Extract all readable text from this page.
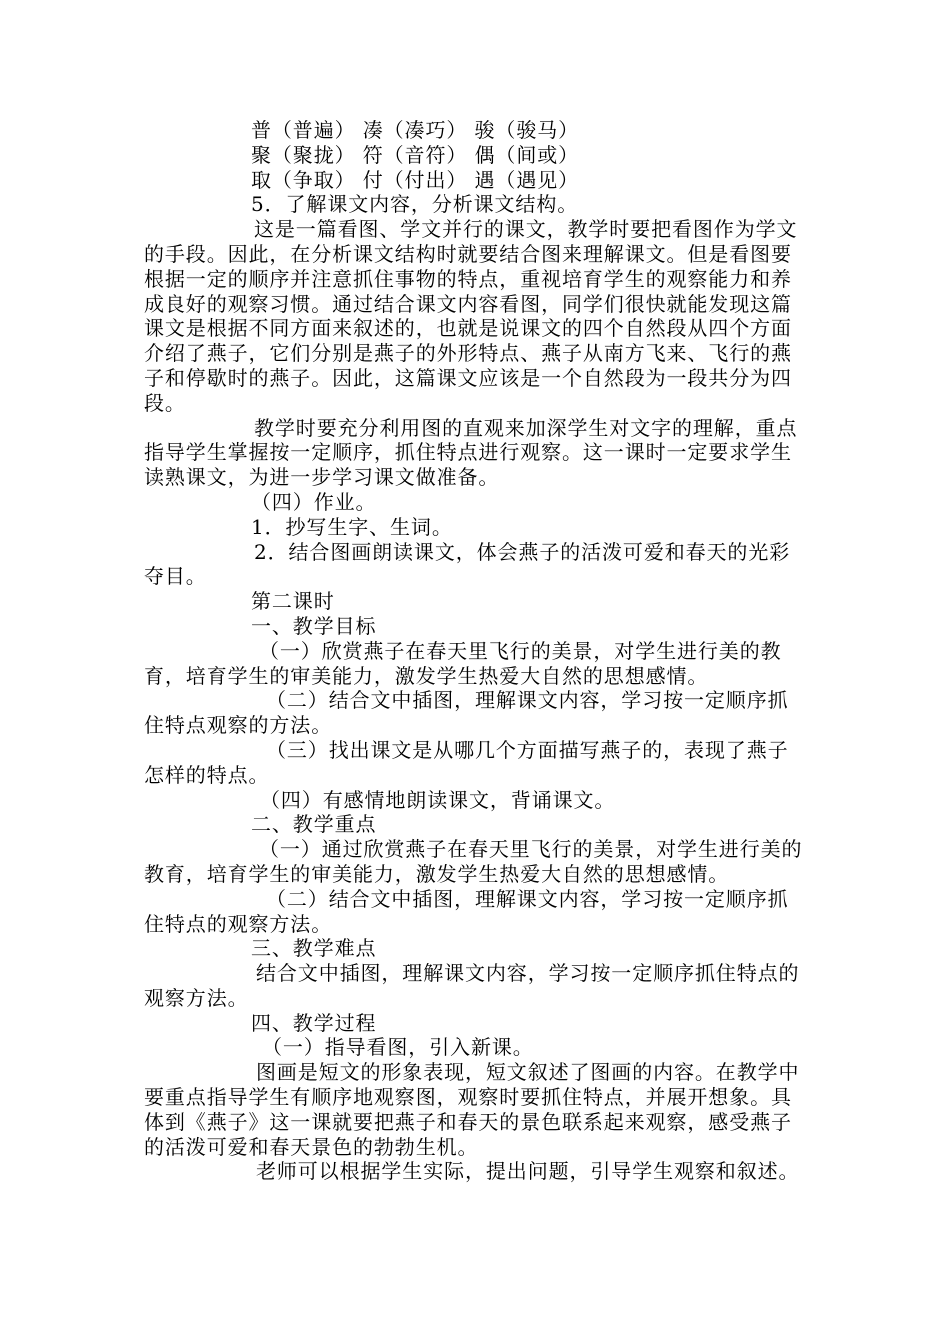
普（普遍） 凑（凑巧） 骏（骏马）

聚（聚拢） 符（音符） 偶（间或）

取（争取） 付（付出） 遇（遇见）

5．了解课文内容，分析课文结构。

这是一篇看图、学文并行的课文，教学时要把看图作为学文的手段。因此，在分析课文结构时就要结合图来理解课文。但是看图要根据一定的顺序并注意抓住事物的特点，重视培育学生的观察能力和养成良好的观察习惯。通过结合课文内容看图，同学们很快就能发现这篇课文是根据不同方面来叙述的，也就是说课文的四个自然段从四个方面介绍了燕子，它们分别是燕子的外形特点、燕子从南方飞来、飞行的燕子和停歇时的燕子。因此，这篇课文应该是一个自然段为一段共分为四段。

教学时要充分利用图的直观来加深学生对文字的理解，重点指导学生掌握按一定顺序，抓住特点进行观察。这一课时一定要求学生读熟课文，为进一步学习课文做准备。

（四）作业。

1．抄写生字、生词。

2．结合图画朗读课文，体会燕子的活泼可爱和春天的光彩夺目。

第二课时

一、教学目标

（一）欣赏燕子在春天里飞行的美景，对学生进行美的教育，培育学生的审美能力，激发学生热爱大自然的思想感情。

（二）结合文中插图，理解课文内容，学习按一定顺序抓住特点观察的方法。

（三）找出课文是从哪几个方面描写燕子的，表现了燕子怎样的特点。

（四）有感情地朗读课文，背诵课文。

二、教学重点

（一）通过欣赏燕子在春天里飞行的美景，对学生进行美的教育，培育学生的审美能力，激发学生热爱大自然的思想感情。

（二）结合文中插图，理解课文内容，学习按一定顺序抓住特点的观察方法。

三、教学难点

结合文中插图，理解课文内容，学习按一定顺序抓住特点的观察方法。

四、教学过程

（一）指导看图，引入新课。

图画是短文的形象表现，短文叙述了图画的内容。在教学中要重点指导学生有顺序地观察图，观察时要抓住特点，并展开想象。具体到《燕子》这一课就要把燕子和春天的景色联系起来观察，感受燕子的活泼可爱和春天景色的勃勃生机。

老师可以根据学生实际，提出问题，引导学生观察和叙述。
